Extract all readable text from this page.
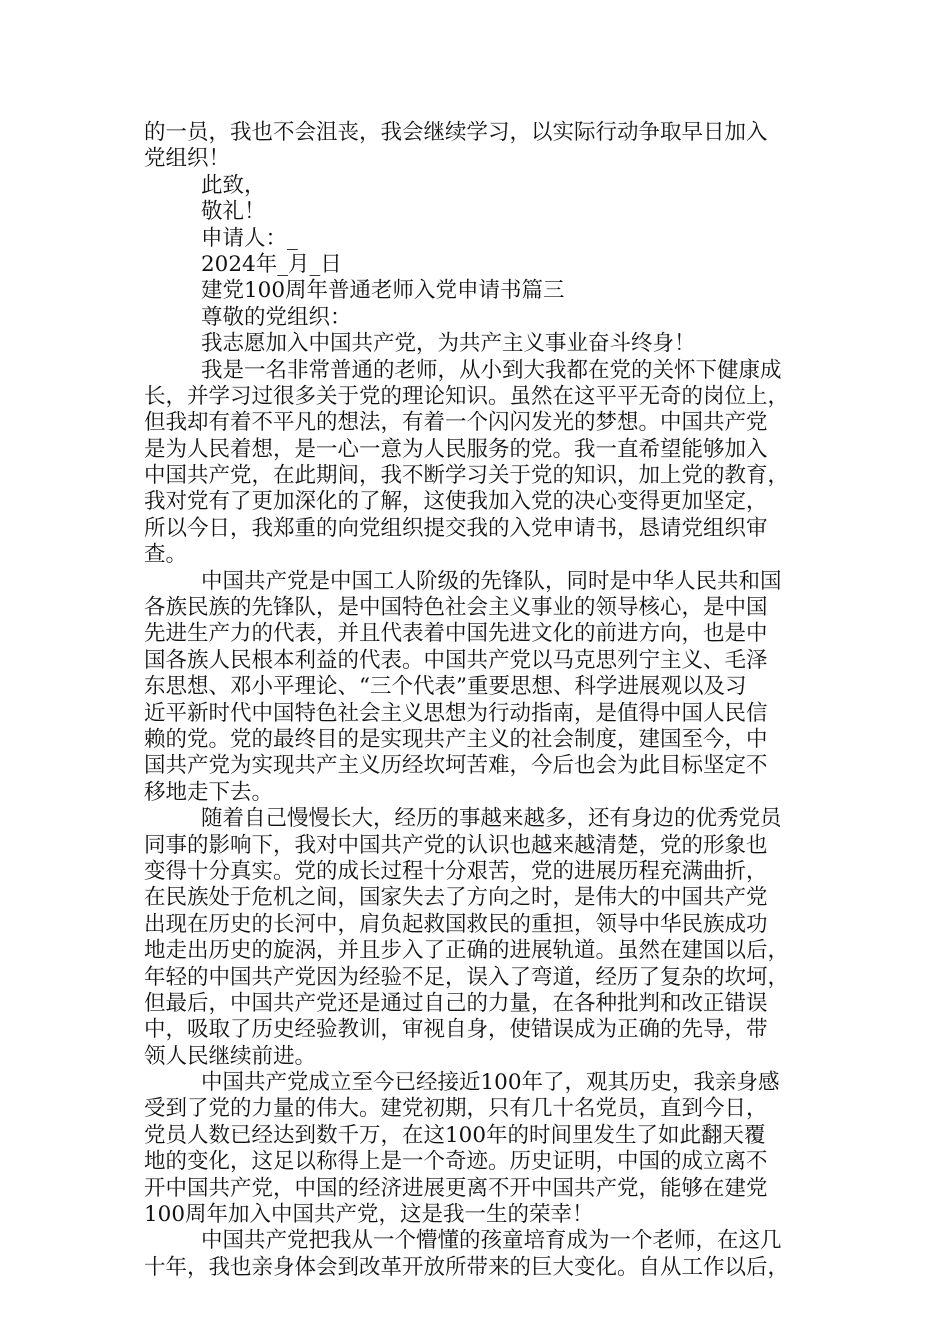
的一员，我也不会沮丧，我会继续学习，以实际行动争取早日加入
党组织！
此致，
敬礼！
申请人：_
2024年_月_日
建党100周年普通老师入党申请书篇三
尊敬的党组织：
我志愿加入中国共产党，为共产主义事业奋斗终身！
我是一名非常普通的老师，从小到大我都在党的关怀下健康成
长，并学习过很多关于党的理论知识。虽然在这平平无奇的岗位上，
但我却有着不平凡的想法，有着一个闪闪发光的梦想。中国共产党
是为人民着想，是一心一意为人民服务的党。我一直希望能够加入
中国共产党，在此期间，我不断学习关于党的知识，加上党的教育，
我对党有了更加深化的了解，这使我加入党的决心变得更加坚定，
所以今日，我郑重的向党组织提交我的入党申请书，恳请党组织审
查。
中国共产党是中国工人阶级的先锋队，同时是中华人民共和国
各族民族的先锋队，是中国特色社会主义事业的领导核心，是中国
先进生产力的代表，并且代表着中国先进文化的前进方向，也是中
国各族人民根本利益的代表。中国共产党以马克思列宁主义、毛泽
东思想、邓小平理论、“三个代表”重要思想、科学进展观以及习
近平新时代中国特色社会主义思想为行动指南，是值得中国人民信
赖的党。党的最终目的是实现共产主义的社会制度，建国至今，中
国共产党为实现共产主义历经坎坷苦难，今后也会为此目标坚定不
移地走下去。
随着自己慢慢长大，经历的事越来越多，还有身边的优秀党员
同事的影响下，我对中国共产党的认识也越来越清楚，党的形象也
变得十分真实。党的成长过程十分艰苦，党的进展历程充满曲折，
在民族处于危机之间，国家失去了方向之时，是伟大的中国共产党
出现在历史的长河中，肩负起救国救民的重担，领导中华民族成功
地走出历史的旋涡，并且步入了正确的进展轨道。虽然在建国以后，
年轻的中国共产党因为经验不足，误入了弯道，经历了复杂的坎坷，
但最后，中国共产党还是通过自己的力量，在各种批判和改正错误
中，吸取了历史经验教训，审视自身，使错误成为正确的先导，带
领人民继续前进。
中国共产党成立至今已经接近100年了，观其历史，我亲身感
受到了党的力量的伟大。建党初期，只有几十名党员，直到今日，
党员人数已经达到数千万，在这100年的时间里发生了如此翻天覆
地的变化，这足以称得上是一个奇迹。历史证明，中国的成立离不
开中国共产党，中国的经济进展更离不开中国共产党，能够在建党
100周年加入中国共产党，这是我一生的荣幸！
中国共产党把我从一个懵懂的孩童培育成为一个老师，在这几
十年，我也亲身体会到改革开放所带来的巨大变化。自从工作以后，
